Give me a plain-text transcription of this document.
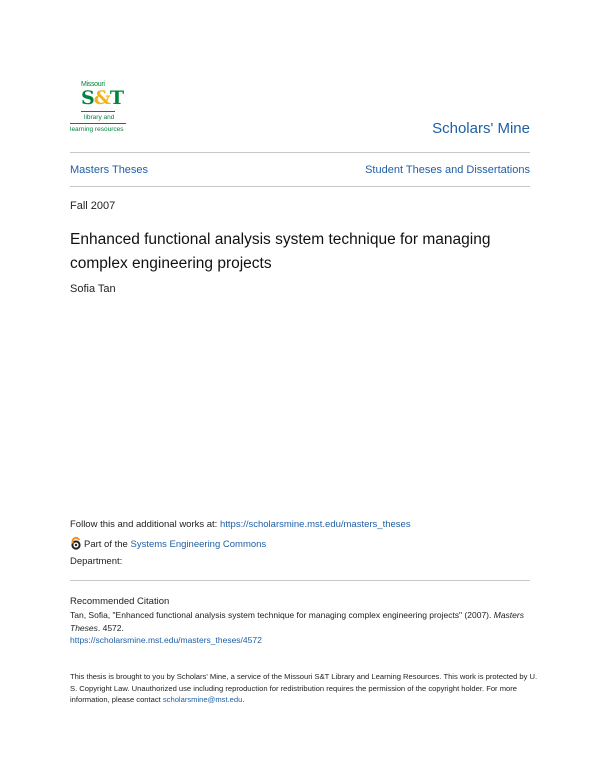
Missouri
S&T
library and
learning resources	Scholars' Mine
Masters Theses	Student Theses and Dissertations
Fall 2007
Enhanced functional analysis system technique for managing complex engineering projects
Sofia Tan
Follow this and additional works at: https://scholarsmine.mst.edu/masters_theses
Part of the Systems Engineering Commons
Department:
Recommended Citation
Tan, Sofia, "Enhanced functional analysis system technique for managing complex engineering projects" (2007). Masters Theses. 4572.
https://scholarsmine.mst.edu/masters_theses/4572
This thesis is brought to you by Scholars' Mine, a service of the Missouri S&T Library and Learning Resources. This work is protected by U. S. Copyright Law. Unauthorized use including reproduction for redistribution requires the permission of the copyright holder. For more information, please contact scholarsmine@mst.edu.
